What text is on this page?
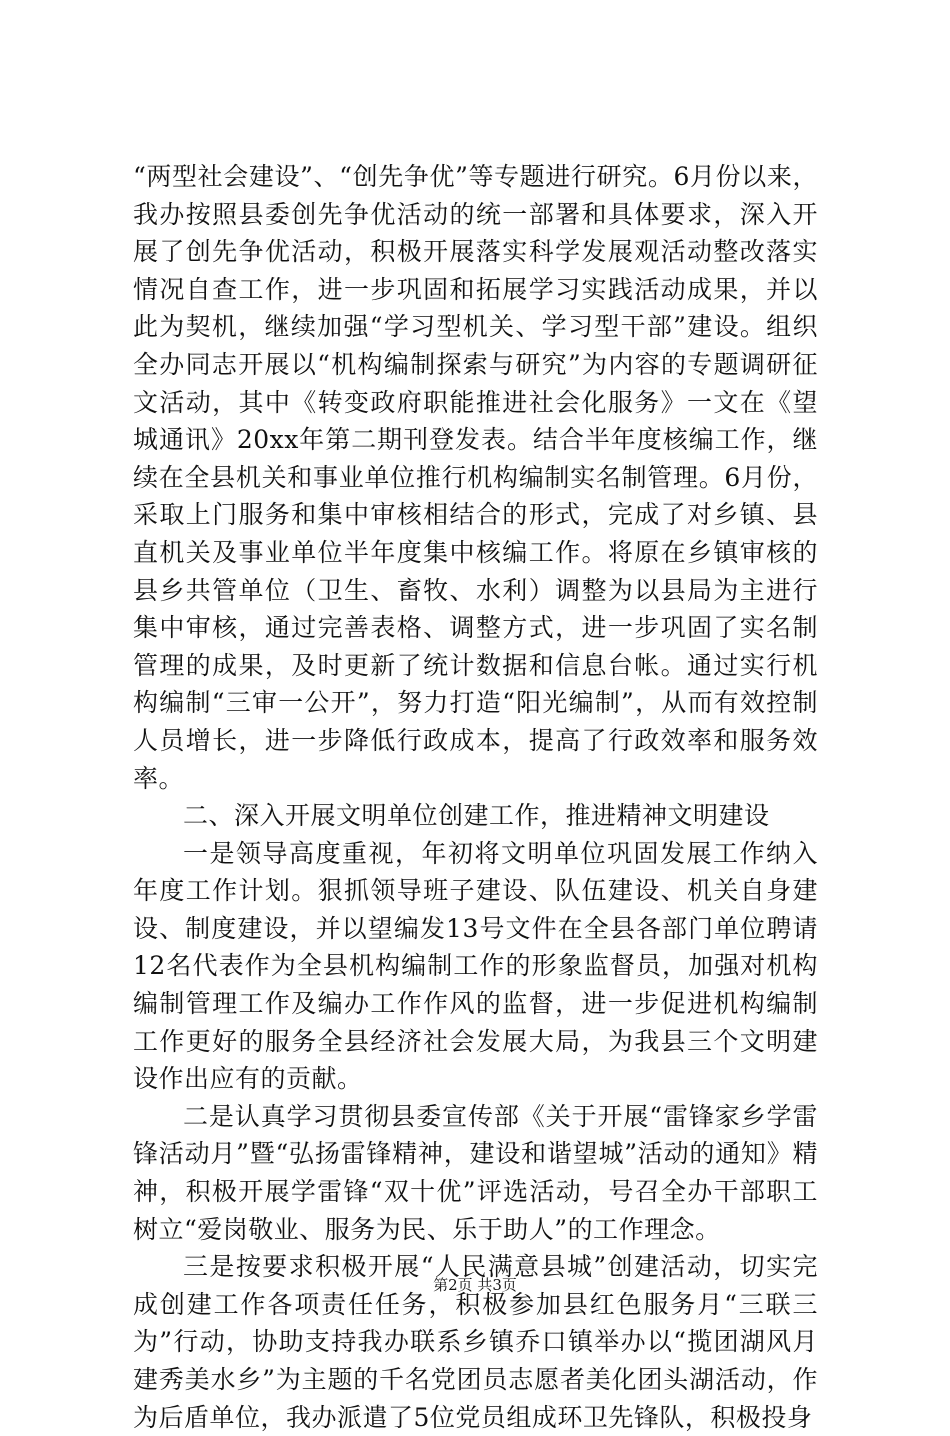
“两型社会建设”、“创先争优”等专题进行研究。6月份以来，我办按照县委创先争优活动的统一部署和具体要求，深入开展了创先争优活动，积极开展落实科学发展观活动整改落实情况自查工作，进一步巩固和拓展学习实践活动成果，并以此为契机，继续加强“学习型机关、学习型干部”建设。组织全办同志开展以“机构编制探索与研究”为内容的专题调研征文活动，其中《转变政府职能推进社会化服务》一文在《望城通讯》20xx年第二期刊登发表。结合半年度核编工作，继续在全县机关和事业单位推行机构编制实名制管理。6月份，采取上门服务和集中审核相结合的形式，完成了对乡镇、县直机关及事业单位半年度集中核编工作。将原在乡镇审核的县乡共管单位（卫生、畜牧、水利）调整为以县局为主进行集中审核，通过完善表格、调整方式，进一步巩固了实名制管理的成果，及时更新了统计数据和信息台帐。通过实行机构编制“三审一公开”，努力打造“阳光编制”，从而有效控制人员增长，进一步降低行政成本，提高了行政效率和服务效率。

二、深入开展文明单位创建工作，推进精神文明建设

一是领导高度重视，年初将文明单位巩固发展工作纳入年度工作计划。狠抓领导班子建设、队伍建设、机关自身建设、制度建设，并以望编发13号文件在全县各部门单位聘请12名代表作为全县机构编制工作的形象监督员，加强对机构编制管理工作及编办工作作风的监督，进一步促进机构编制工作更好的服务全县经济社会发展大局，为我县三个文明建设作出应有的贡献。

二是认真学习贯彻县委宣传部《关于开展“雷锋家乡学雷锋活动月”暨“弘扬雷锋精神，建设和谐望城”活动的通知》精神，积极开展学雷锋“双十优”评选活动，号召全办干部职工树立“爱岗敬业、服务为民、乐于助人”的工作理念。

三是按要求积极开展“人民满意县城”创建活动，切实完成创建工作各项责任任务，积极参加县红色服务月“三联三为”行动，协助支持我办联系乡镇乔口镇举办以“揽团湖风月建秀美水乡”为主题的千名党团员志愿者美化团头湖活动，作为后盾单位，我办派遣了5位党员组成环卫先锋队，积极投身

第2页 共3页
